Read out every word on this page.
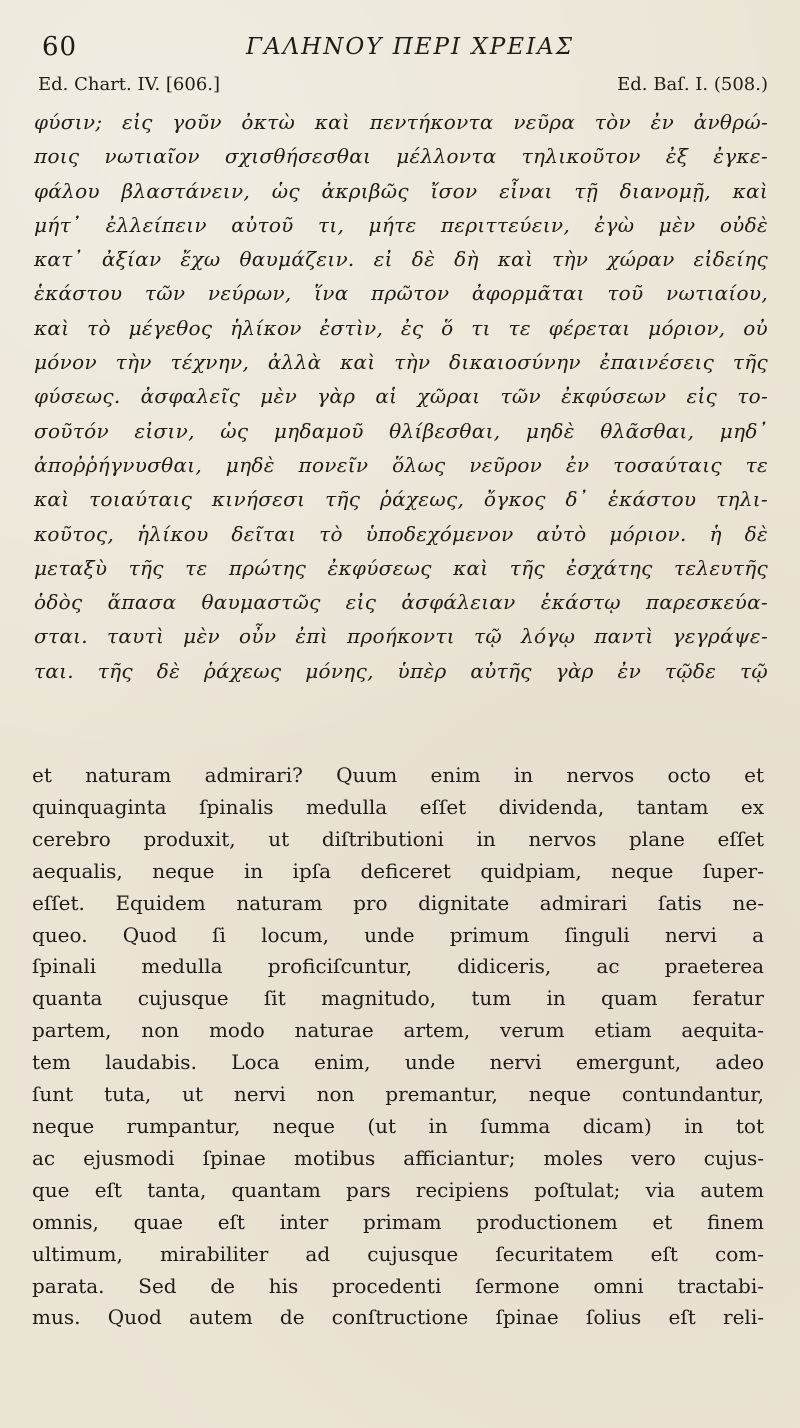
60	ΓΑΛΗΝΟΥ ΠΕΡΙ ΧΡΕΙΑΣ
Ed. Chart. IV. [606.]	Ed. Baſ. I. (508.)
φύσιν; εἰς γοῦν ὀκτὼ καὶ πεντήκοντα νεῦρα τὸν ἐν ἀνθρώ-
ποις νωτιαῖον σχισθήσεσθαι μέλλοντα τηλικοῦτον ἐξ ἐγκε-
φάλου βλαστάνειν, ὡς ἀκριβῶς ἴσον εἶναι τῇ διανομῇ, καὶ
μήτ᾽ ἐλλείπειν αὐτοῦ τι, μήτε περιττεύειν, ἐγὼ μὲν οὐδὲ
κατ᾽ ἀξίαν ἔχω θαυμάζειν. εἰ δὲ δὴ καὶ τὴν χώραν εἰδείης
ἑκάστου τῶν νεύρων, ἵνα πρῶτον ἀφορμᾶται τοῦ νωτιαίου,
καὶ τὸ μέγεθος ἡλίκον ἐστὶν, ἐς ὅ τι τε φέρεται μόριον, οὐ
μόνον τὴν τέχνην, ἀλλὰ καὶ τὴν δικαιοσύνην ἐπαινέσεις τῆς
φύσεως. ἀσφαλεῖς μὲν γὰρ αἱ χῶραι τῶν ἐκφύσεων εἰς το-
σοῦτόν εἰσιν, ὡς μηδαμοῦ θλίβεσθαι, μηδὲ θλᾶσθαι, μηδ᾽
ἀποῤῥήγνυσθαι, μηδὲ πονεῖν ὅλως νεῦρον ἐν τοσαύταις τε
καὶ τοιαύταις κινήσεσι τῆς ῥάχεως, ὄγκος δ᾽ ἑκάστου τηλι-
κοῦτος, ἡλίκου δεῖται τὸ ὑποδεχόμενον αὐτὸ μόριον. ἡ δὲ
μεταξὺ τῆς τε πρώτης ἐκφύσεως καὶ τῆς ἐσχάτης τελευτῆς
ὁδὸς ἅπασα θαυμαστῶς εἰς ἀσφάλειαν ἑκάστῳ παρεσκεύα-
σται. ταυτὶ μὲν οὖν ἐπὶ προήκοντι τῷ λόγῳ παντὶ γεγράψε-
ται. τῆς δὲ ῥάχεως μόνης, ὑπὲρ αὐτῆς γὰρ ἐν τῷδε τῷ
et naturam admirari? Quum enim in nervos octo et
quinquaginta ſpinalis medulla eſſet dividenda, tantam ex
cerebro produxit, ut diſtributioni in nervos plane eſſet
aequalis, neque in ipſa deficeret quidpiam, neque ſuper-
eſſet. Equidem naturam pro dignitate admirari ſatis ne-
queo. Quod ſi locum, unde primum ſinguli nervi a
ſpinali medulla proficiſcuntur, didiceris, ac praeterea
quanta cujusque ſit magnitudo, tum in quam feratur
partem, non modo naturae artem, verum etiam aequita-
tem laudabis. Loca enim, unde nervi emergunt, adeo
ſunt tuta, ut nervi non premantur, neque contundantur,
neque rumpantur, neque (ut in ſumma dicam) in tot
ac ejusmodi ſpinae motibus afficiantur; moles vero cujus-
que eſt tanta, quantam pars recipiens poſtulat; via autem
omnis, quae eſt inter primam productionem et finem
ultimum, mirabiliter ad cujusque ſecuritatem eſt com-
parata. Sed de his procedenti ſermone omni tractabi-
mus. Quod autem de conſtructione ſpinae ſolius eſt reli-
